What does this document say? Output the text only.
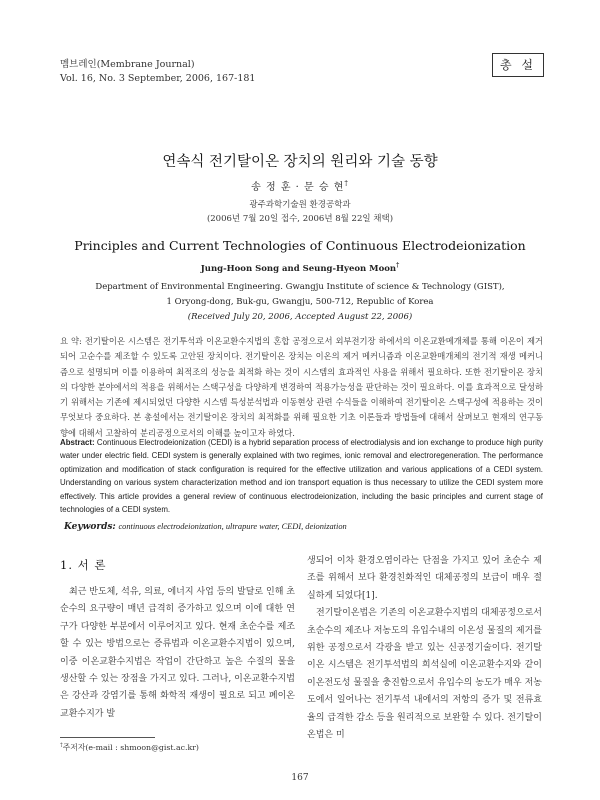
멤브레인(Membrane Journal)
Vol. 16, No. 3 September, 2006, 167-181
총 설
연속식 전기탈이온 장치의 원리와 기술 동향
송 정 훈 · 문 승 현†
광주과학기술원 환경공학과
(2006년 7월 20일 접수, 2006년 8월 22일 채택)
Principles and Current Technologies of Continuous Electrodeionization
Jung-Hoon Song and Seung-Hyeon Moon†
Department of Environmental Engineering. Gwangju Institute of science & Technology (GIST),
1 Oryong-dong, Buk-gu, Gwangju, 500-712, Republic of Korea
(Received July 20, 2006, Accepted August 22, 2006)
요 약: 전기탈이온 시스템은 전기투석과 이온교환수지법의 혼합 공정으로서 외부전기장 하에서의 이온교환메개체를 통해 이온이 제거되어 고순수를 제조할 수 있도록 고안된 장치이다. 전기탈이온 장치는 이온의 제거 메커니즘과 이온교환매개체의 전기적 재생 메커니즘으로 설명되며 이를 이용하여 최적조의 성능을 최적화 하는 것이 시스템의 효과적인 사용을 위해서 필요하다. 또한 전기탈이온 장치의 다양한 분야에서의 적용을 위해서는 스택구성을 다양하게 변경하여 적용가능성을 판단하는 것이 필요하다. 이를 효과적으로 달성하기 위해서는 기존에 제시되었던 다양한 시스템 특성분석법과 이동현상 관련 수식들을 이해하여 전기탈이온 스택구성에 적용하는 것이 무엇보다 중요하다. 본 총설에서는 전기탈이온 장치의 최적화를 위해 필요한 기초 이론들과 방법들에 대해서 살펴보고 현재의 연구동향에 대해서 고찰하여 분리공정으로서의 이해를 높이고자 하였다.
Abstract: Continuous Electrodeionization (CEDI) is a hybrid separation process of electrodialysis and ion exchange to produce high purity water under electric field. CEDI system is generally explained with two regimes, ionic removal and electroregeneration. The performance optimization and modification of stack configuration is required for the effective utilization and various applications of a CEDI system. Understanding on various system characterization method and ion transport equation is thus necessary to utilize the CEDI system more effectively. This article provides a general review of continuous electrodeionization, including the basic principles and current stage of technologies of a CEDI system.
Keywords: continuous electrodeionization, ultrapure water, CEDI, deionization
1. 서 론

최근 반도체, 석유, 의료, 에너지 사업 등의 발달로 인해 초순수의 요구량이 매년 급격히 증가하고 있으며 이에 대한 연구가 다양한 부분에서 이루어지고 있다. 현재 초순수를 제조할 수 있는 방법으로는 증류법과 이온교환수지법이 있으며, 이중 이온교환수지법은 작업이 간단하고 높은 수질의 물을 생산할 수 있는 장점을 가지고 있다. 그러나, 이온교환수지법은 강산과 강염기를 통해 화학적 재생이 필요로 되고 폐이온교환수지가 발

생되어 이차 환경오염이라는 단점을 가지고 있어 초순수 제조를 위해서 보다 환경친화적인 대체공정의 보급이 매우 절실하게 되었다[1].

전기탈이온법은 기존의 이온교환수지법의 대체공정으로서 초순수의 제조나 저농도의 유입수내의 이온성 물질의 제거를 위한 공정으로서 각광을 받고 있는 신공정기술이다. 전기탈이온 시스템은 전기투석법의 희석실에 이온교환수지와 같이 이온전도성 물질을 충진함으로서 유입수의 농도가 매우 저농도에서 일어나는 전기투석 내에서의 저항의 증가 및 전류효율의 급격한 감소 등을 원리적으로 보완할 수 있다. 전기탈이온법은 미

†주저자(e-mail : shmoon@gist.ac.kr)
167
